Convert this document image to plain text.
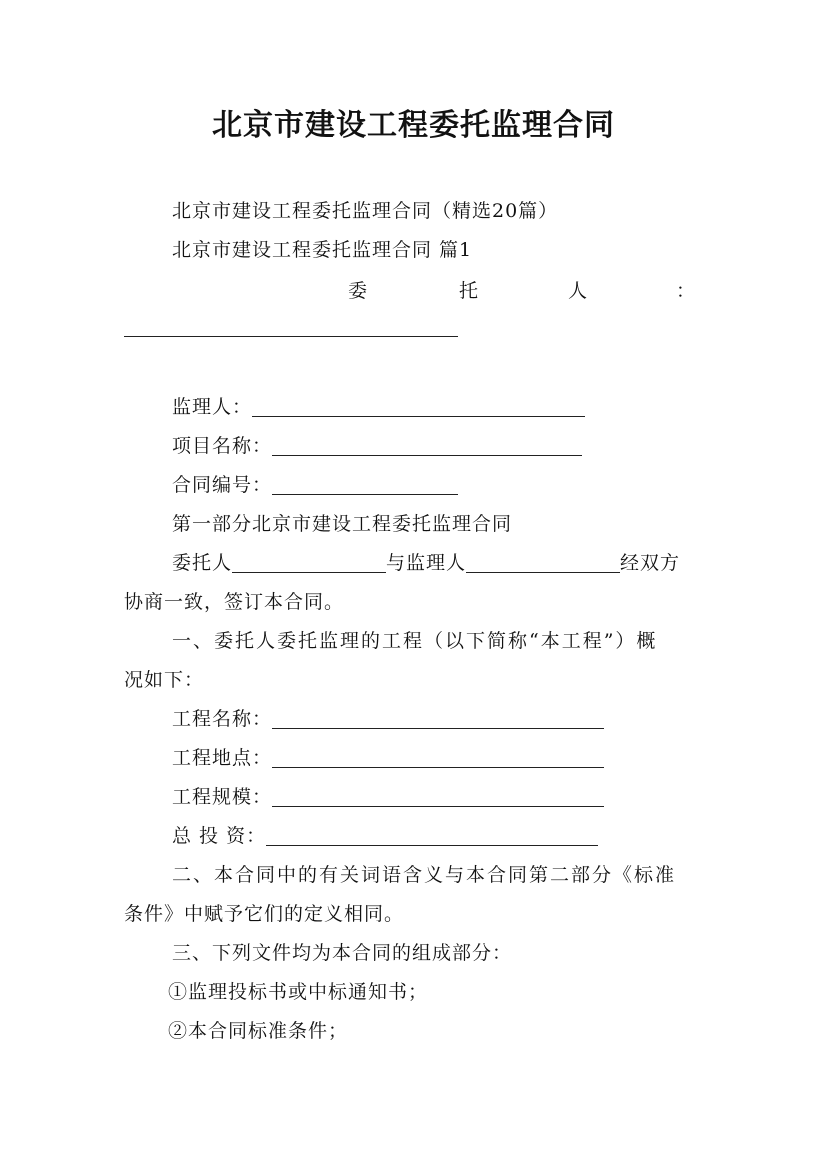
北京市建设工程委托监理合同
北京市建设工程委托监理合同（精选20篇）
北京市建设工程委托监理合同 篇1
委	托	人	：
监理人：
项目名称：
合同编号：
第一部分北京市建设工程委托监理合同
委托人	与监理人	经双方
协商一致，签订本合同。
一、委托人委托监理的工程（以下简称“本工程”）概
况如下：
工程名称：
工程地点：
工程规模：
总 投 资：
二、本合同中的有关词语含义与本合同第二部分《标准
条件》中赋予它们的定义相同。
三、下列文件均为本合同的组成部分：
①监理投标书或中标通知书；
②本合同标准条件；
